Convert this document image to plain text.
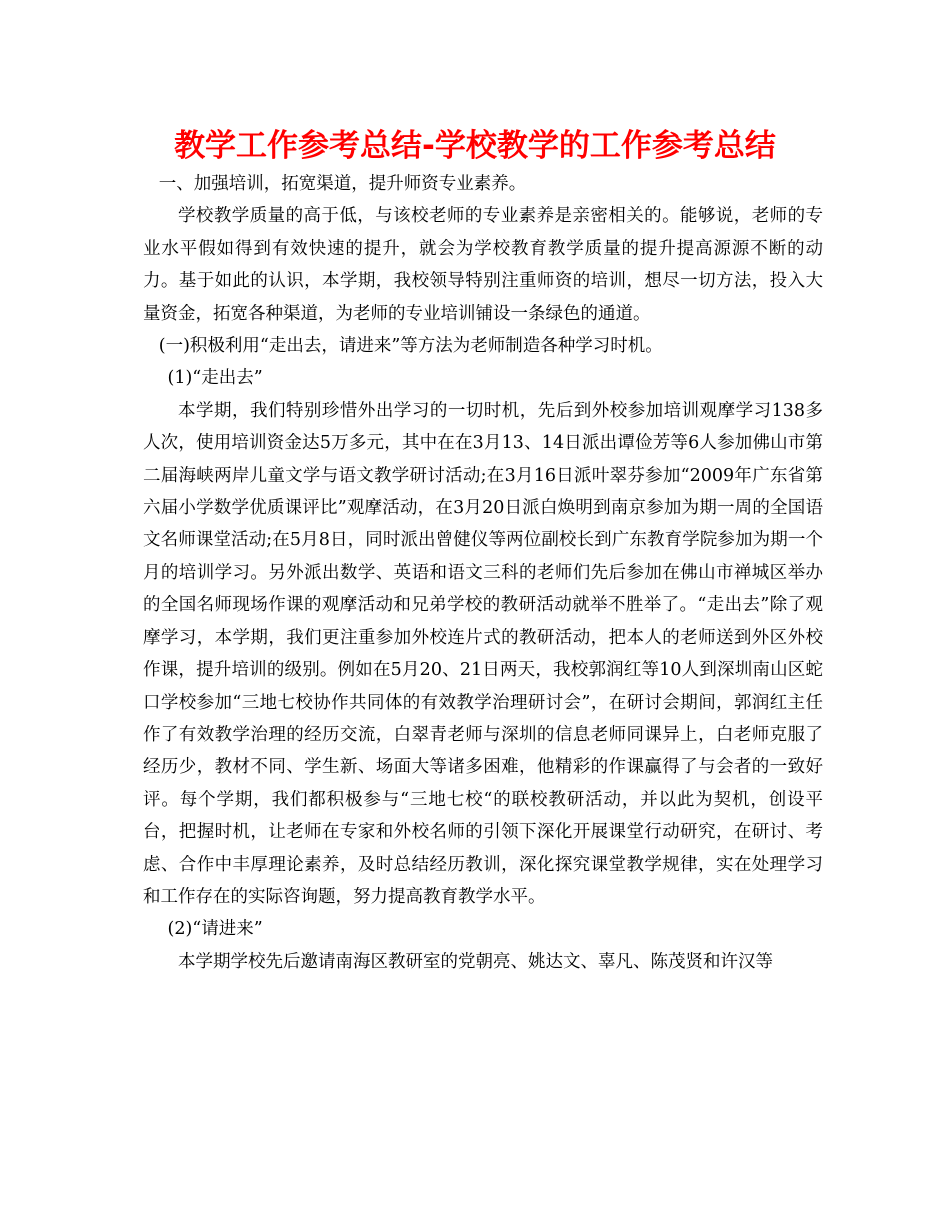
教学工作参考总结-学校教学的工作参考总结

一、加强培训，拓宽渠道，提升师资专业素养。

学校教学质量的高于低，与该校老师的专业素养是亲密相关的。能够说，老师的专业水平假如得到有效快速的提升，就会为学校教育教学质量的提升提高源源不断的动力。基于如此的认识，本学期，我校领导特别注重师资的培训，想尽一切方法，投入大量资金，拓宽各种渠道，为老师的专业培训铺设一条绿色的通道。

(一)积极利用“走出去，请进来”等方法为老师制造各种学习时机。

(1)“走出去”

本学期，我们特别珍惜外出学习的一切时机，先后到外校参加培训观摩学习138多人次，使用培训资金达5万多元，其中在在3月13、14日派出谭俭芳等6人参加佛山市第二届海峡两岸儿童文学与语文教学研讨活动;在3月16日派叶翠芬参加“2009年广东省第六届小学数学优质课评比”观摩活动，在3月20日派白焕明到南京参加为期一周的全国语文名师课堂活动;在5月8日，同时派出曾健仪等两位副校长到广东教育学院参加为期一个月的培训学习。另外派出数学、英语和语文三科的老师们先后参加在佛山市禅城区举办的全国名师现场作课的观摩活动和兄弟学校的教研活动就举不胜举了。“走出去”除了观摩学习，本学期，我们更注重参加外校连片式的教研活动，把本人的老师送到外区外校作课，提升培训的级别。例如在5月20、21日两天，我校郭润红等10人到深圳南山区蛇口学校参加“三地七校协作共同体的有效教学治理研讨会”，在研讨会期间，郭润红主任作了有效教学治理的经历交流，白翠青老师与深圳的信息老师同课异上，白老师克服了经历少，教材不同、学生新、场面大等诸多困难，他精彩的作课赢得了与会者的一致好评。每个学期，我们都积极参与“三地七校“的联校教研活动，并以此为契机，创设平台，把握时机，让老师在专家和外校名师的引领下深化开展课堂行动研究，在研讨、考虑、合作中丰厚理论素养，及时总结经历教训，深化探究课堂教学规律，实在处理学习和工作存在的实际咨询题，努力提高教育教学水平。

(2)“请进来”

本学期学校先后邀请南海区教研室的党朝亮、姚达文、辜凡、陈茂贤和许汉等
